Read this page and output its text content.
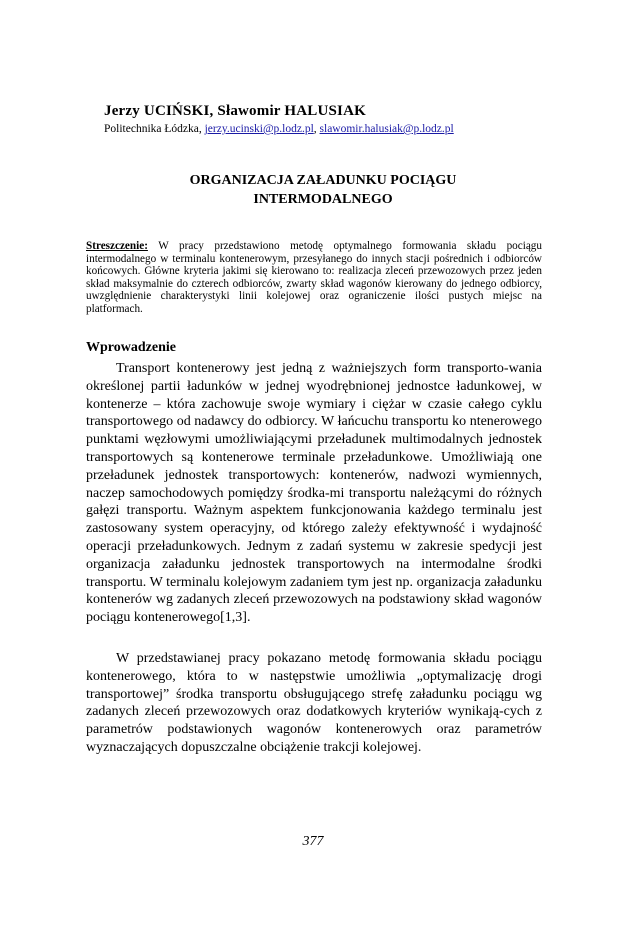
Jerzy UCIŃSKI, Sławomir HALUSIAK
Politechnika Łódzka, jerzy.ucinski@p.lodz.pl, slawomir.halusiak@p.lodz.pl
ORGANIZACJA ZAŁADUNKU POCIĄGU
INTERMODALNEGO
Streszczenie: W pracy przedstawiono metodę optymalnego formowania składu pociągu intermodalnego w terminalu kontenerowym, przesyłanego do innych stacji pośrednich i odbiorców końcowych. Główne kryteria jakimi się kierowano to: realizacja zleceń przewozowych przez jeden skład maksymalnie do czterech odbiorców, zwarty skład wagonów kierowany do jednego odbiorcy, uwzględnienie charakterystyki linii kolejowej oraz ograniczenie ilości pustych miejsc na platformach.
Wprowadzenie

Transport kontenerowy jest jedną z ważniejszych form transporto-wania określonej partii ładunków w jednej wyodrębnionej jednostce ładunkowej, w kontenerze – która zachowuje swoje wymiary i ciężar w czasie całego cyklu transportowego od nadawcy do odbiorcy. W łańcuchu transportu ko ntenerowego punktami węzłowymi umożliwiającymi przeładunek multimodalnych jednostek transportowych są kontenerowe terminale przeładunkowe. Umożliwiają one przeładunek jednostek transportowych: kontenerów, nadwozi wymiennych, naczep samochodowych pomiędzy środka-mi transportu należącymi do różnych gałęzi transportu. Ważnym aspektem funkcjonowania każdego terminalu jest zastosowany system operacyjny, od którego zależy efektywność i wydajność operacji przeładunkowych. Jednym z zadań systemu w zakresie spedycji jest organizacja załadunku jednostek transportowych na intermodalne środki transportu. W terminalu kolejowym zadaniem tym jest np. organizacja załadunku kontenerów wg zadanych zleceń przewozowych na podstawiony skład wagonów pociągu kontenerowego[1,3].

W przedstawianej pracy pokazano metodę formowania składu pociągu kontenerowego, która to w następstwie umożliwia „optymalizację drogi transportowej” środka transportu obsługującego strefę załadunku pociągu wg zadanych zleceń przewozowych oraz dodatkowych kryteriów wynikają-cych z parametrów podstawionych wagonów kontenerowych oraz parametrów wyznaczających dopuszczalne obciążenie trakcji kolejowej.

377
